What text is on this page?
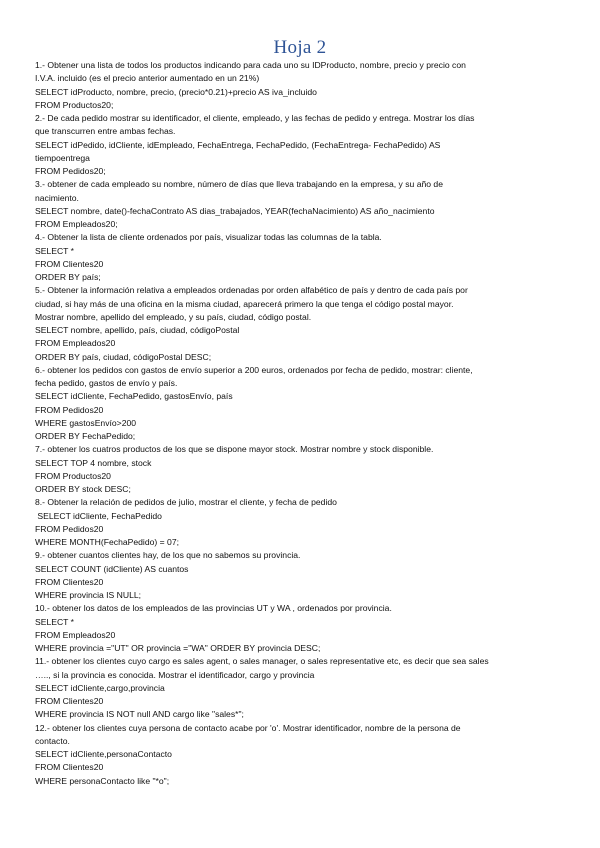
Hoja 2
1.- Obtener una lista de todos los productos indicando para cada uno su IDProducto, nombre, precio y precio con
I.V.A. incluido (es el precio anterior aumentado en un 21%)
SELECT idProducto, nombre, precio, (precio*0.21)+precio AS iva_incluido
FROM Productos20;
2.- De cada pedido mostrar su identificador, el cliente, empleado, y las fechas de pedido y entrega. Mostrar los días
que transcurren entre ambas fechas.
SELECT idPedido, idCliente, idEmpleado, FechaEntrega, FechaPedido, (FechaEntrega- FechaPedido) AS
tiempoentrega
FROM Pedidos20;
3.- obtener de cada empleado su nombre, número de días que lleva trabajando en la empresa, y su año de
nacimiento.
SELECT nombre, date()-fechaContrato AS dias_trabajados, YEAR(fechaNacimiento) AS año_nacimiento
FROM Empleados20;
4.- Obtener la lista de cliente ordenados por país, visualizar todas las columnas de la tabla.
SELECT *
FROM Clientes20
ORDER BY país;
5.- Obtener la información relativa a empleados ordenadas por orden alfabético de país y dentro de cada país por
ciudad, si hay más de una oficina en la misma ciudad, aparecerá primero la que tenga el código postal mayor.
Mostrar nombre, apellido del empleado, y su país, ciudad, código postal.
SELECT nombre, apellido, país, ciudad, códigoPostal
FROM Empleados20
ORDER BY país, ciudad, códigoPostal DESC;
6.- obtener los pedidos con gastos de envío superior a 200 euros, ordenados por fecha de pedido, mostrar: cliente,
fecha pedido, gastos de envío y país.
SELECT idCliente, FechaPedido, gastosEnvío, país
FROM Pedidos20
WHERE gastosEnvío>200
ORDER BY FechaPedido;
7.- obtener los cuatros productos de los que se dispone mayor stock. Mostrar nombre y stock disponible.
SELECT TOP 4 nombre, stock
FROM Productos20
ORDER BY stock DESC;
8.- Obtener la relación de pedidos de julio, mostrar el cliente, y fecha de pedido
SELECT idCliente, FechaPedido
FROM Pedidos20
WHERE MONTH(FechaPedido) = 07;
9.- obtener cuantos clientes hay, de los que no sabemos su provincia.
SELECT COUNT (idCliente) AS cuantos
FROM Clientes20
WHERE provincia IS NULL;
10.- obtener los datos de los empleados de las provincias UT y WA , ordenados por provincia.
SELECT *
FROM Empleados20
WHERE provincia ="UT" OR provincia ="WA" ORDER BY provincia DESC;
11.- obtener los clientes cuyo cargo es sales agent, o sales manager, o sales representative etc, es decir que sea sales
….., si la provincia es conocida. Mostrar el identificador, cargo y provincia
SELECT idCliente,cargo,provincia
FROM Clientes20
WHERE provincia IS NOT null AND cargo like "sales*";
12.- obtener los clientes cuya persona de contacto acabe por 'o'. Mostrar identificador, nombre de la persona de
contacto.
SELECT idCliente,personaContacto
FROM Clientes20
WHERE personaContacto like "*o";
